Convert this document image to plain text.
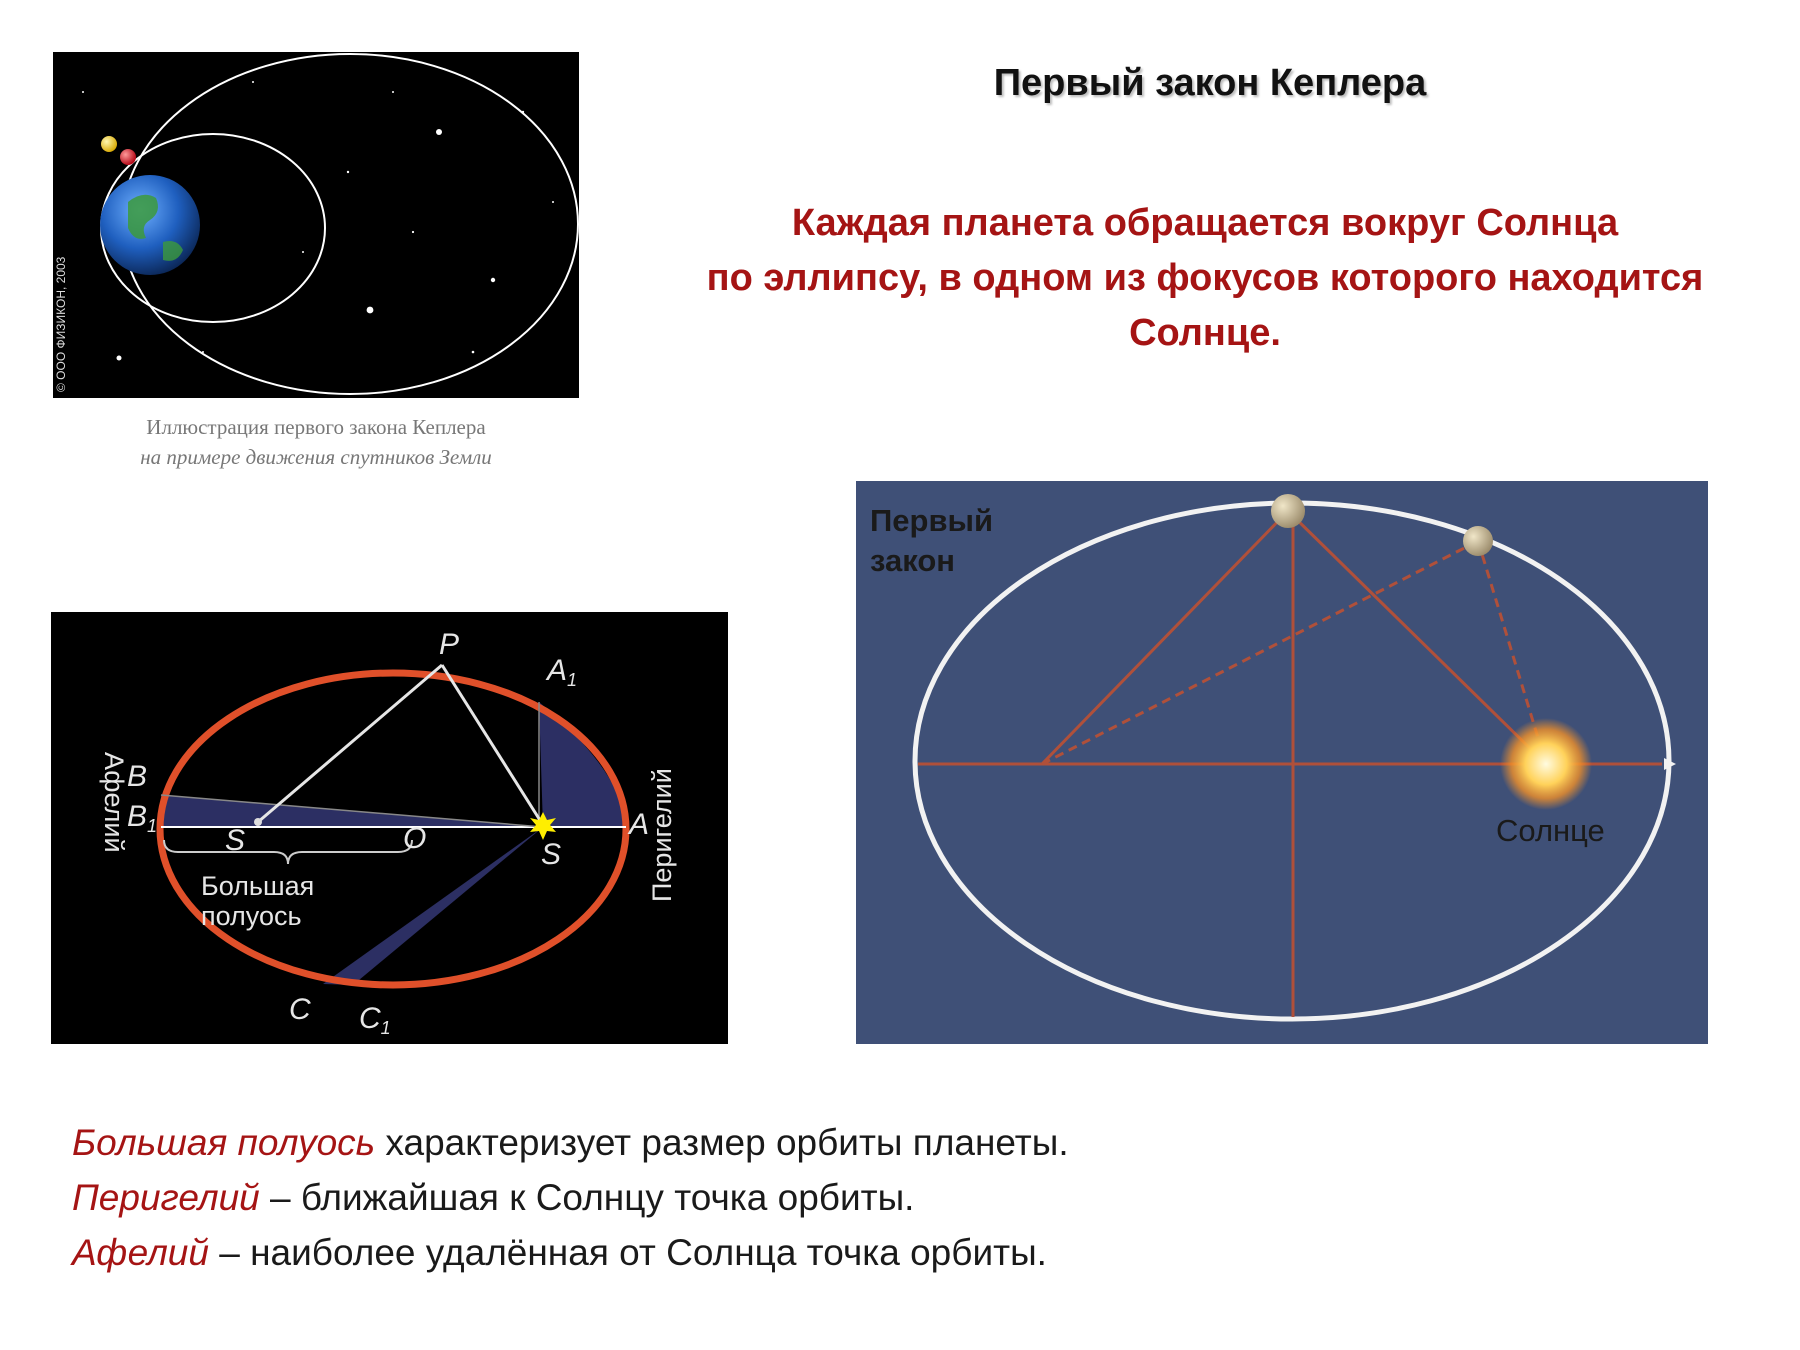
Первый закон Кеплера
Каждая планета обращается вокруг Солнца
по эллипсу, в одном из фокусов которого находится
Солнце.
© ООО ФИЗИКОН, 2003
Иллюстрация первого закона Кеплера
на примере движения спутников Земли
P
$A_1$
A
B
$B_1$ S	O	S
C $C_1$
Большая
полуось
Афелий	Перигелий
Первый
закон
Солнце
Большая полуось характеризует размер орбиты планеты.
Перигелий – ближайшая к Солнцу точка орбиты.
Афелий – наиболее удалённая от Солнца точка орбиты.
